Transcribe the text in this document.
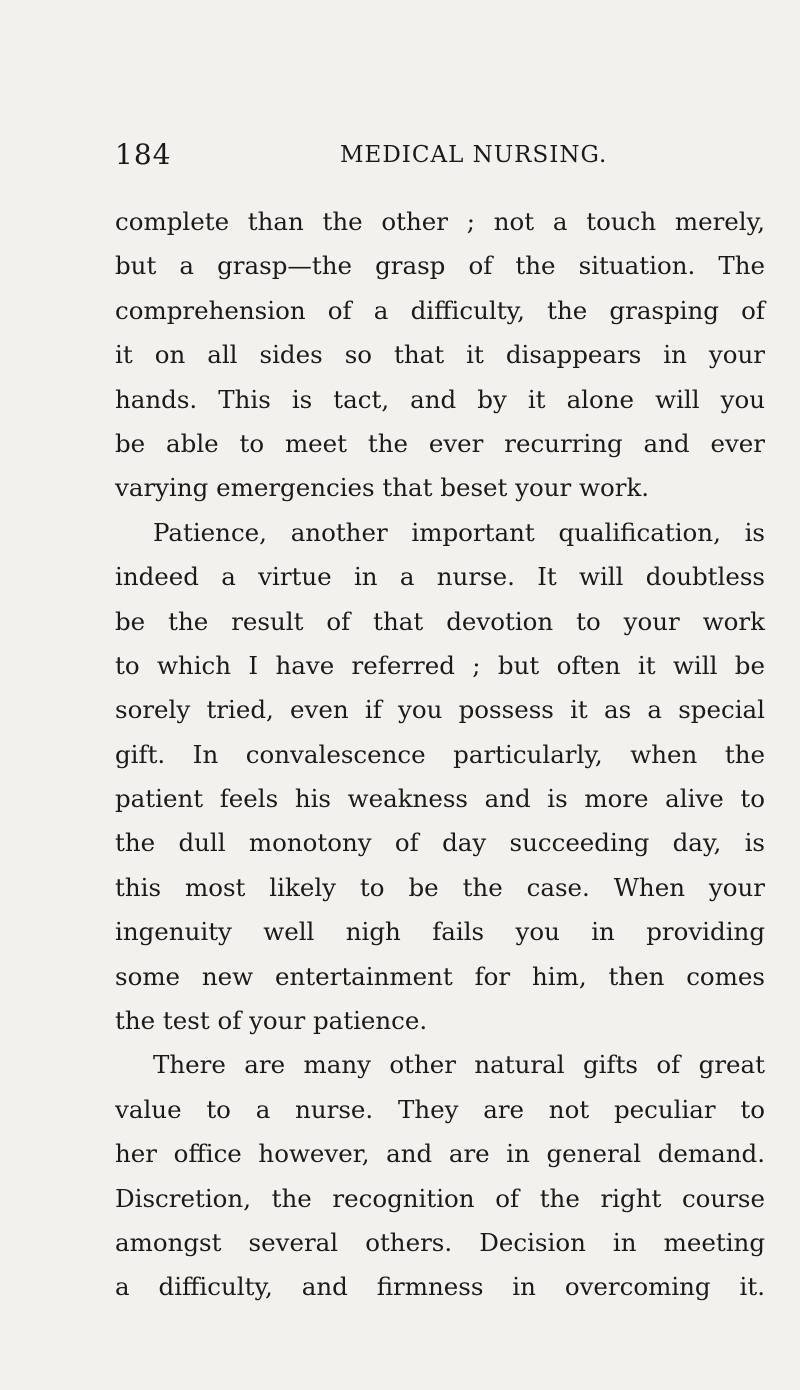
184	MEDICAL NURSING.
complete than the other ; not a touch merely,
but a grasp—the grasp of the situation. The
comprehension of a difficulty, the grasping of
it on all sides so that it disappears in your
hands. This is tact, and by it alone will you
be able to meet the ever recurring and ever
varying emergencies that beset your work.
Patience, another important qualification, is
indeed a virtue in a nurse. It will doubtless
be the result of that devotion to your work
to which I have referred ; but often it will be
sorely tried, even if you possess it as a special
gift. In convalescence particularly, when the
patient feels his weakness and is more alive to
the dull monotony of day succeeding day, is
this most likely to be the case. When your
ingenuity well nigh fails you in providing
some new entertainment for him, then comes
the test of your patience.
There are many other natural gifts of great
value to a nurse. They are not peculiar to
her office however, and are in general demand.
Discretion, the recognition of the right course
amongst several others. Decision in meeting
a difficulty, and firmness in overcoming it.
